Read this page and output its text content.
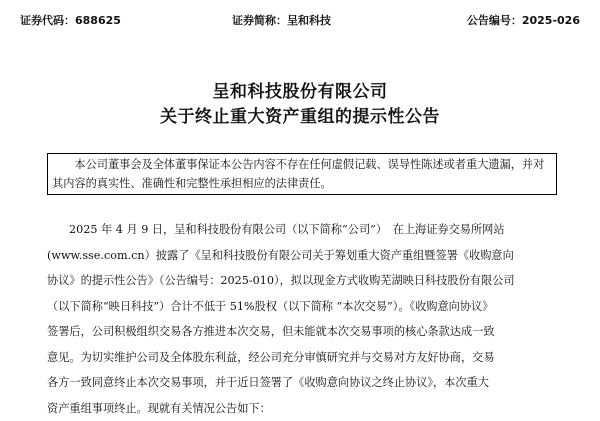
证券代码：688625	证券简称：呈和科技	公告编号：2025-026
呈和科技股份有限公司
关于终止重大资产重组的提示性公告

本公司董事会及全体董事保证本公告内容不存在任何虚假记载、误导性陈述或者重大遗漏，并对其内容的真实性、准确性和完整性承担相应的法律责任。

2025 年 4 月 9 日，呈和科技股份有限公司（以下简称“公司”）　在上海证券交易所网站
(www.sse.com.cn）披露了《呈和科技股份有限公司关于筹划重大资产重组暨签署《收购意向
协议》的提示性公告》（公告编号：2025-010），拟以现金方式收购芜湖映日科技股份有限公司
（以下简称“映日科技”）合计不低于 51%股权（以下简称 “本次交易”）。《收购意向协议》
签署后，公司积极组织交易各方推进本次交易，但未能就本次交易事项的核心条款达成一致
意见。为切实维护公司及全体股东利益，经公司充分审慎研究并与交易对方友好协商，交易
各方一致同意终止本次交易事项，并于近日签署了《收购意向协议之终止协议》，本次重大
资产重组事项终止。现就有关情况公告如下：
